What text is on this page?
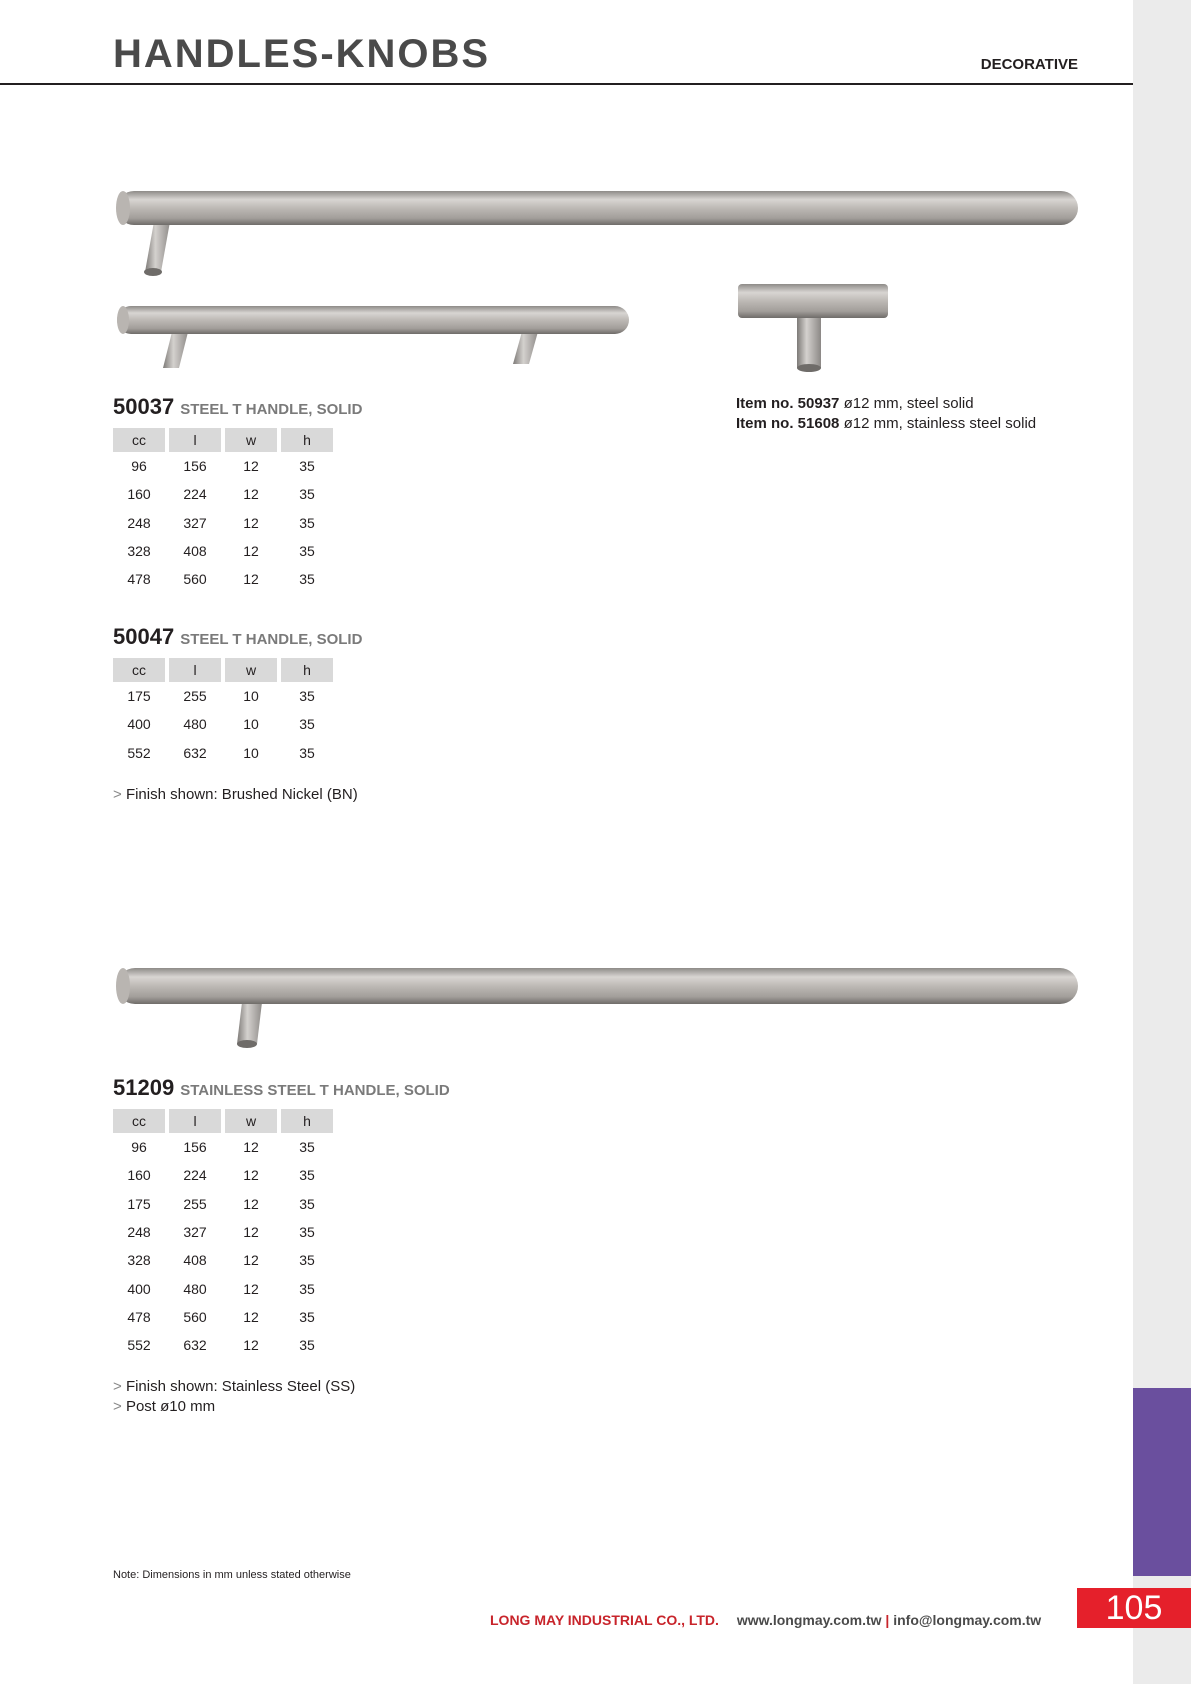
105
HANDLES-KNOBS	DECORATIVE
50037 STEEL T HANDLE, SOLID
cc	l	w	h
96	156	12	35
160	224	12	35
248	327	12	35
328	408	12	35
478	560	12	35
50047 STEEL T HANDLE, SOLID
cc	l	w	h
175	255	10	35
400	480	10	35
552	632	10	35
> Finish shown: Brushed Nickel (BN)
Item no. 50937 ø12 mm, steel solid
Item no. 51608 ø12 mm, stainless steel solid
51209 STAINLESS STEEL T HANDLE, SOLID
cc	l	w	h
96	156	12	35
160	224	12	35
175	255	12	35
248	327	12	35
328	408	12	35
400	480	12	35
478	560	12	35
552	632	12	35
> Finish shown: Stainless Steel (SS)
> Post ø10 mm
Note: Dimensions in mm unless stated otherwise
LONG MAY INDUSTRIAL CO., LTD. www.longmay.com.tw | info@longmay.com.tw
